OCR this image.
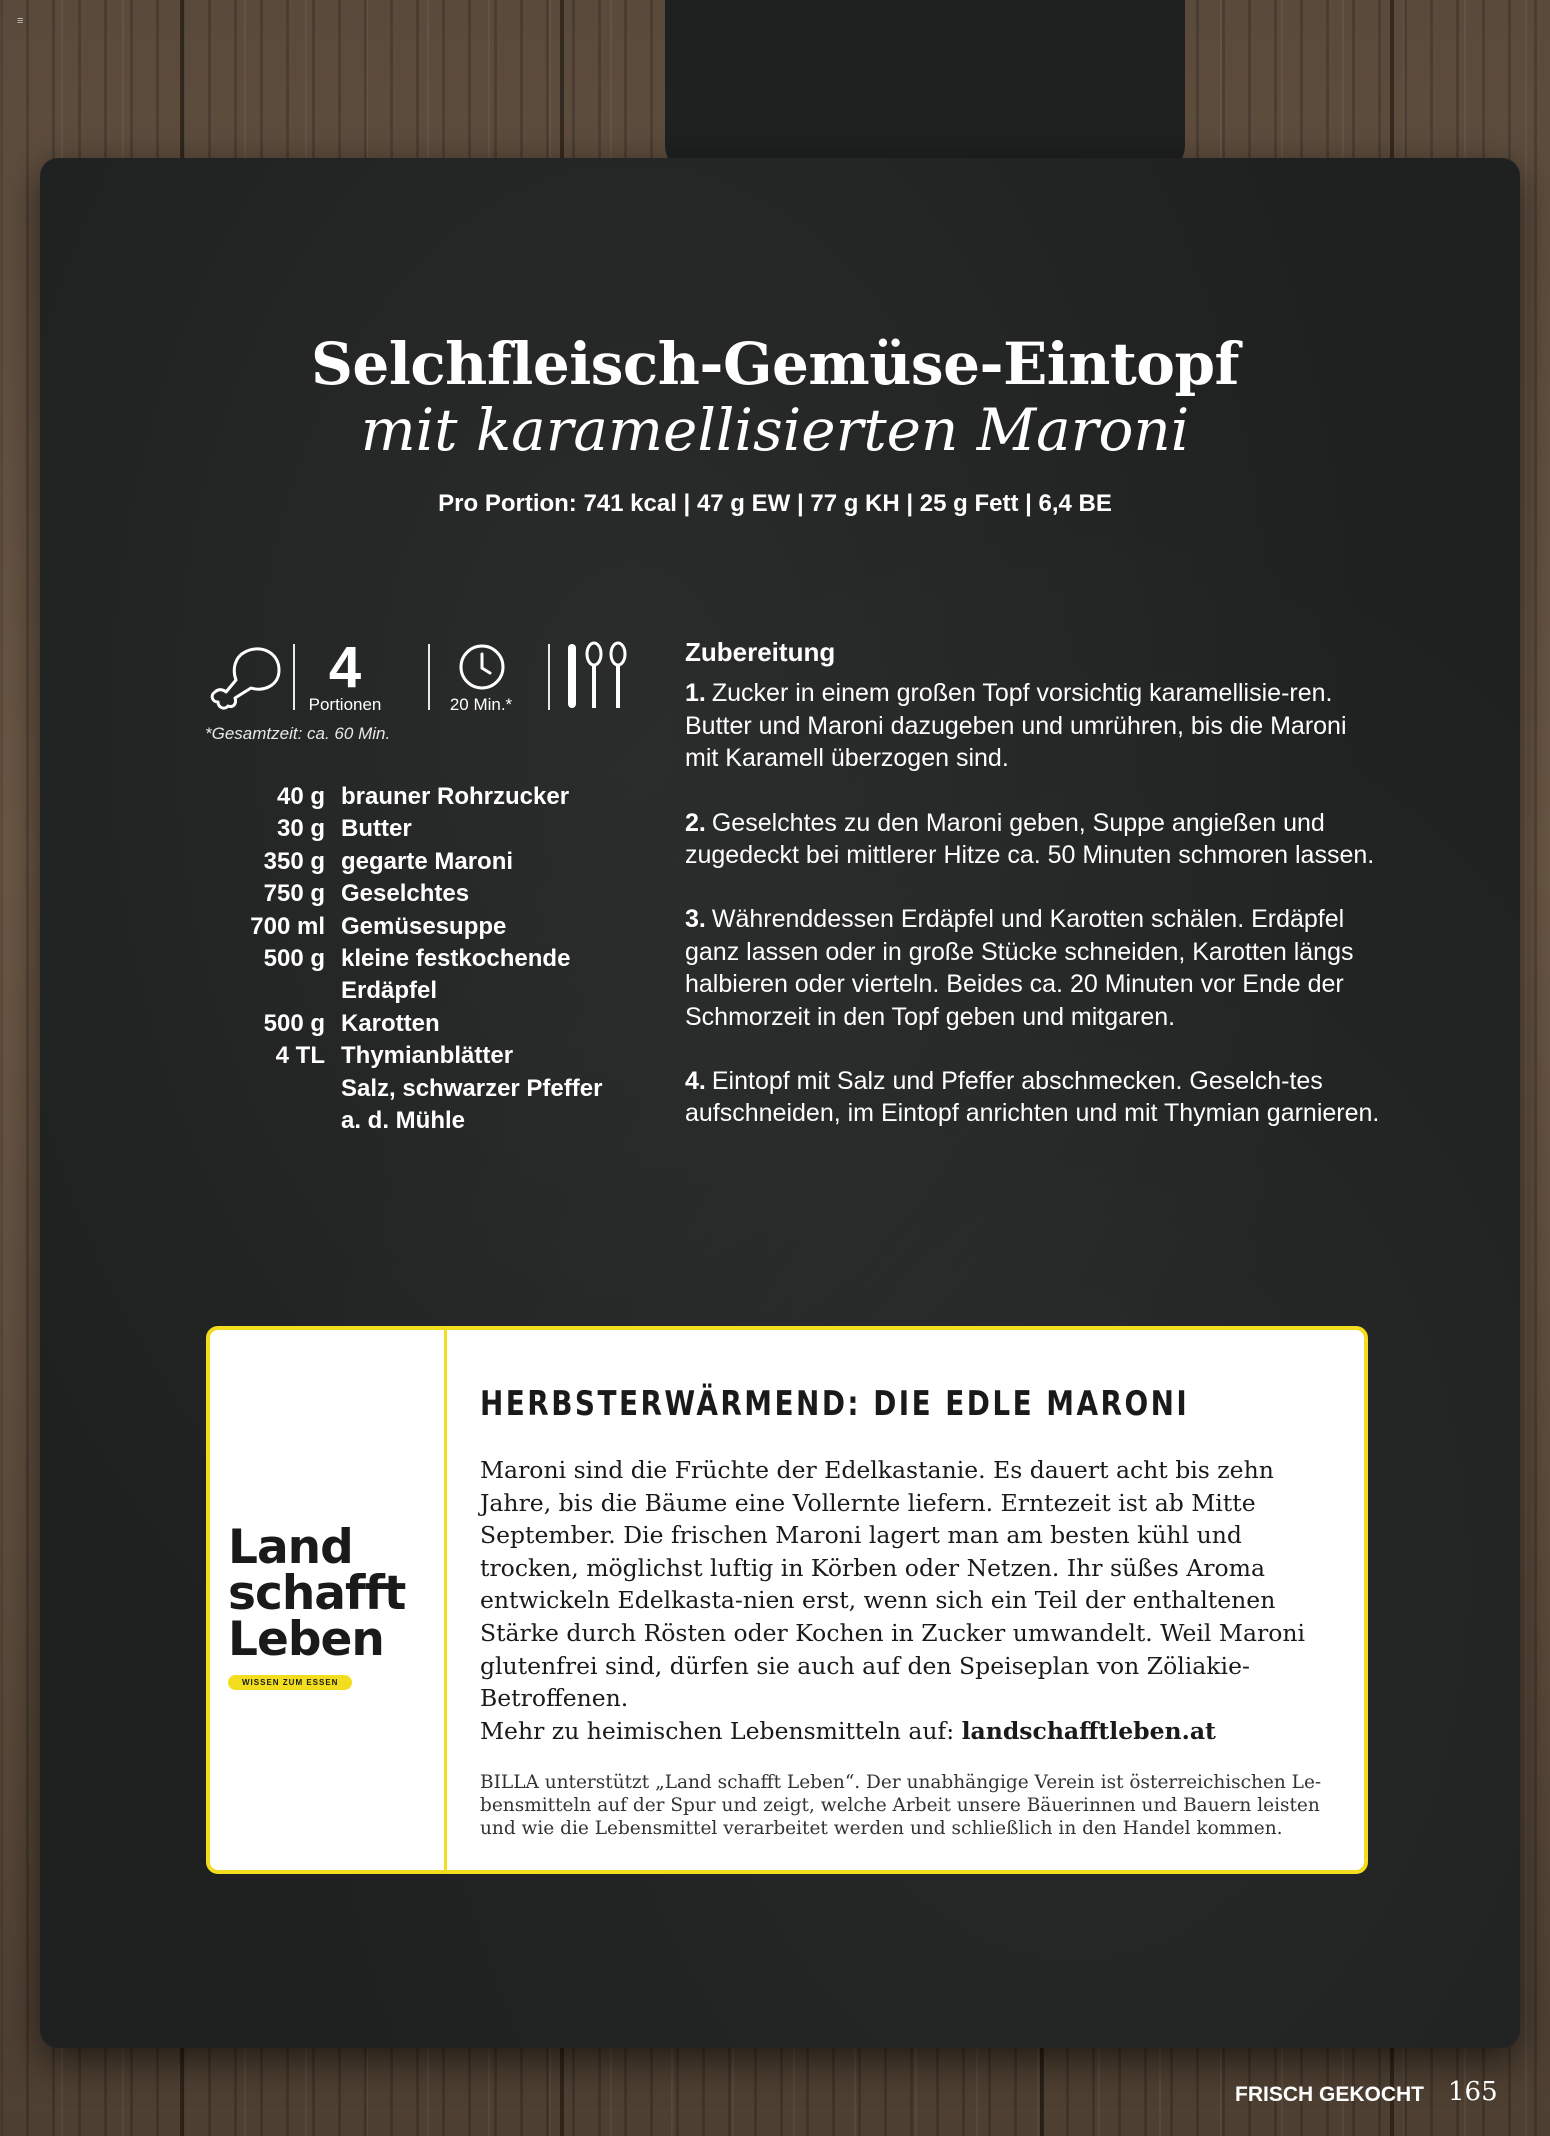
≡
Selchfleisch-Gemüse-Eintopf
mit karamellisierten Maroni
Pro Portion: 741 kcal | 47 g EW | 77 g KH | 25 g Fett | 6,4 BE
4
Portionen	20 Min.*
*Gesamtzeit: ca. 60 Min.
40 g brauner Rohrzucker
30 g Butter
350 g gegarte Maroni
750 g Geselchtes
700 ml Gemüsesuppe
500 g kleine festkochende
Erdäpfel
500 g Karotten
4 TL Thymianblätter
Salz, schwarzer Pfeffer
a. d. Mühle
Zubereitung
1. Zucker in einem großen Topf vorsichtig karamellisie-ren. Butter und Maroni dazugeben und umrühren, bis die Maroni mit Karamell überzogen sind.
2. Geselchtes zu den Maroni geben, Suppe angießen und zugedeckt bei mittlerer Hitze ca. 50 Minuten schmoren lassen.
3. Währenddessen Erdäpfel und Karotten schälen. Erdäpfel ganz lassen oder in große Stücke schneiden, Karotten längs halbieren oder vierteln. Beides ca. 20 Minuten vor Ende der Schmorzeit in den Topf geben und mitgaren.
4. Eintopf mit Salz und Pfeffer abschmecken. Geselch-tes aufschneiden, im Eintopf anrichten und mit Thymian garnieren.
Land
schafft
Leben
WISSEN ZUM ESSEN
HERBSTERWÄRMEND: DIE EDLE MARONI
Maroni sind die Früchte der Edelkastanie. Es dauert acht bis zehn Jahre, bis die Bäume eine Vollernte liefern. Erntezeit ist ab Mitte September. Die frischen Maroni lagert man am besten kühl und trocken, möglichst luftig in Körben oder Netzen. Ihr süßes Aroma entwickeln Edelkasta-nien erst, wenn sich ein Teil der enthaltenen Stärke durch Rösten oder Kochen in Zucker umwandelt. Weil Maroni glutenfrei sind, dürfen sie auch auf den Speiseplan von Zöliakie-Betroffenen.
Mehr zu heimischen Lebensmitteln auf: landschafftleben.at
BILLA unterstützt „Land schafft Leben“. Der unabhängige Verein ist österreichischen Le-bensmitteln auf der Spur und zeigt, welche Arbeit unsere Bäuerinnen und Bauern leisten und wie die Lebensmittel verarbeitet werden und schließlich in den Handel kommen.
FRISCH GEKOCHT 165
